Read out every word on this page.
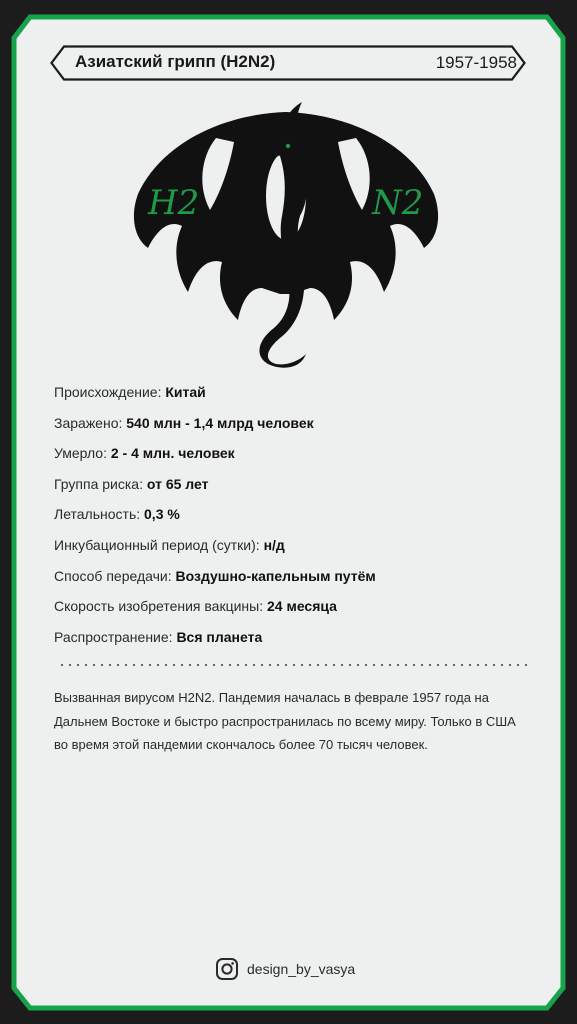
Азиатский грипп (H2N2)	1957-1958
H2	N2
Происхождение: Китай
Заражено: 540 млн - 1,4 млрд человек
Умерло: 2 - 4 млн. человек
Группа риска: от 65 лет
Летальность: 0,3 %
Инкубационный период (сутки): н/д
Способ передачи: Воздушно-капельным путём
Скорость изобретения вакцины: 24 месяца
Распространение: Вся планета

Вызванная вирусом H2N2. Пандемия началась в феврале 1957 года на Дальнем Востоке и быстро распространилась по всему миру. Только в США во время этой пандемии скончалось более 70 тысяч человек.

design_by_vasya
